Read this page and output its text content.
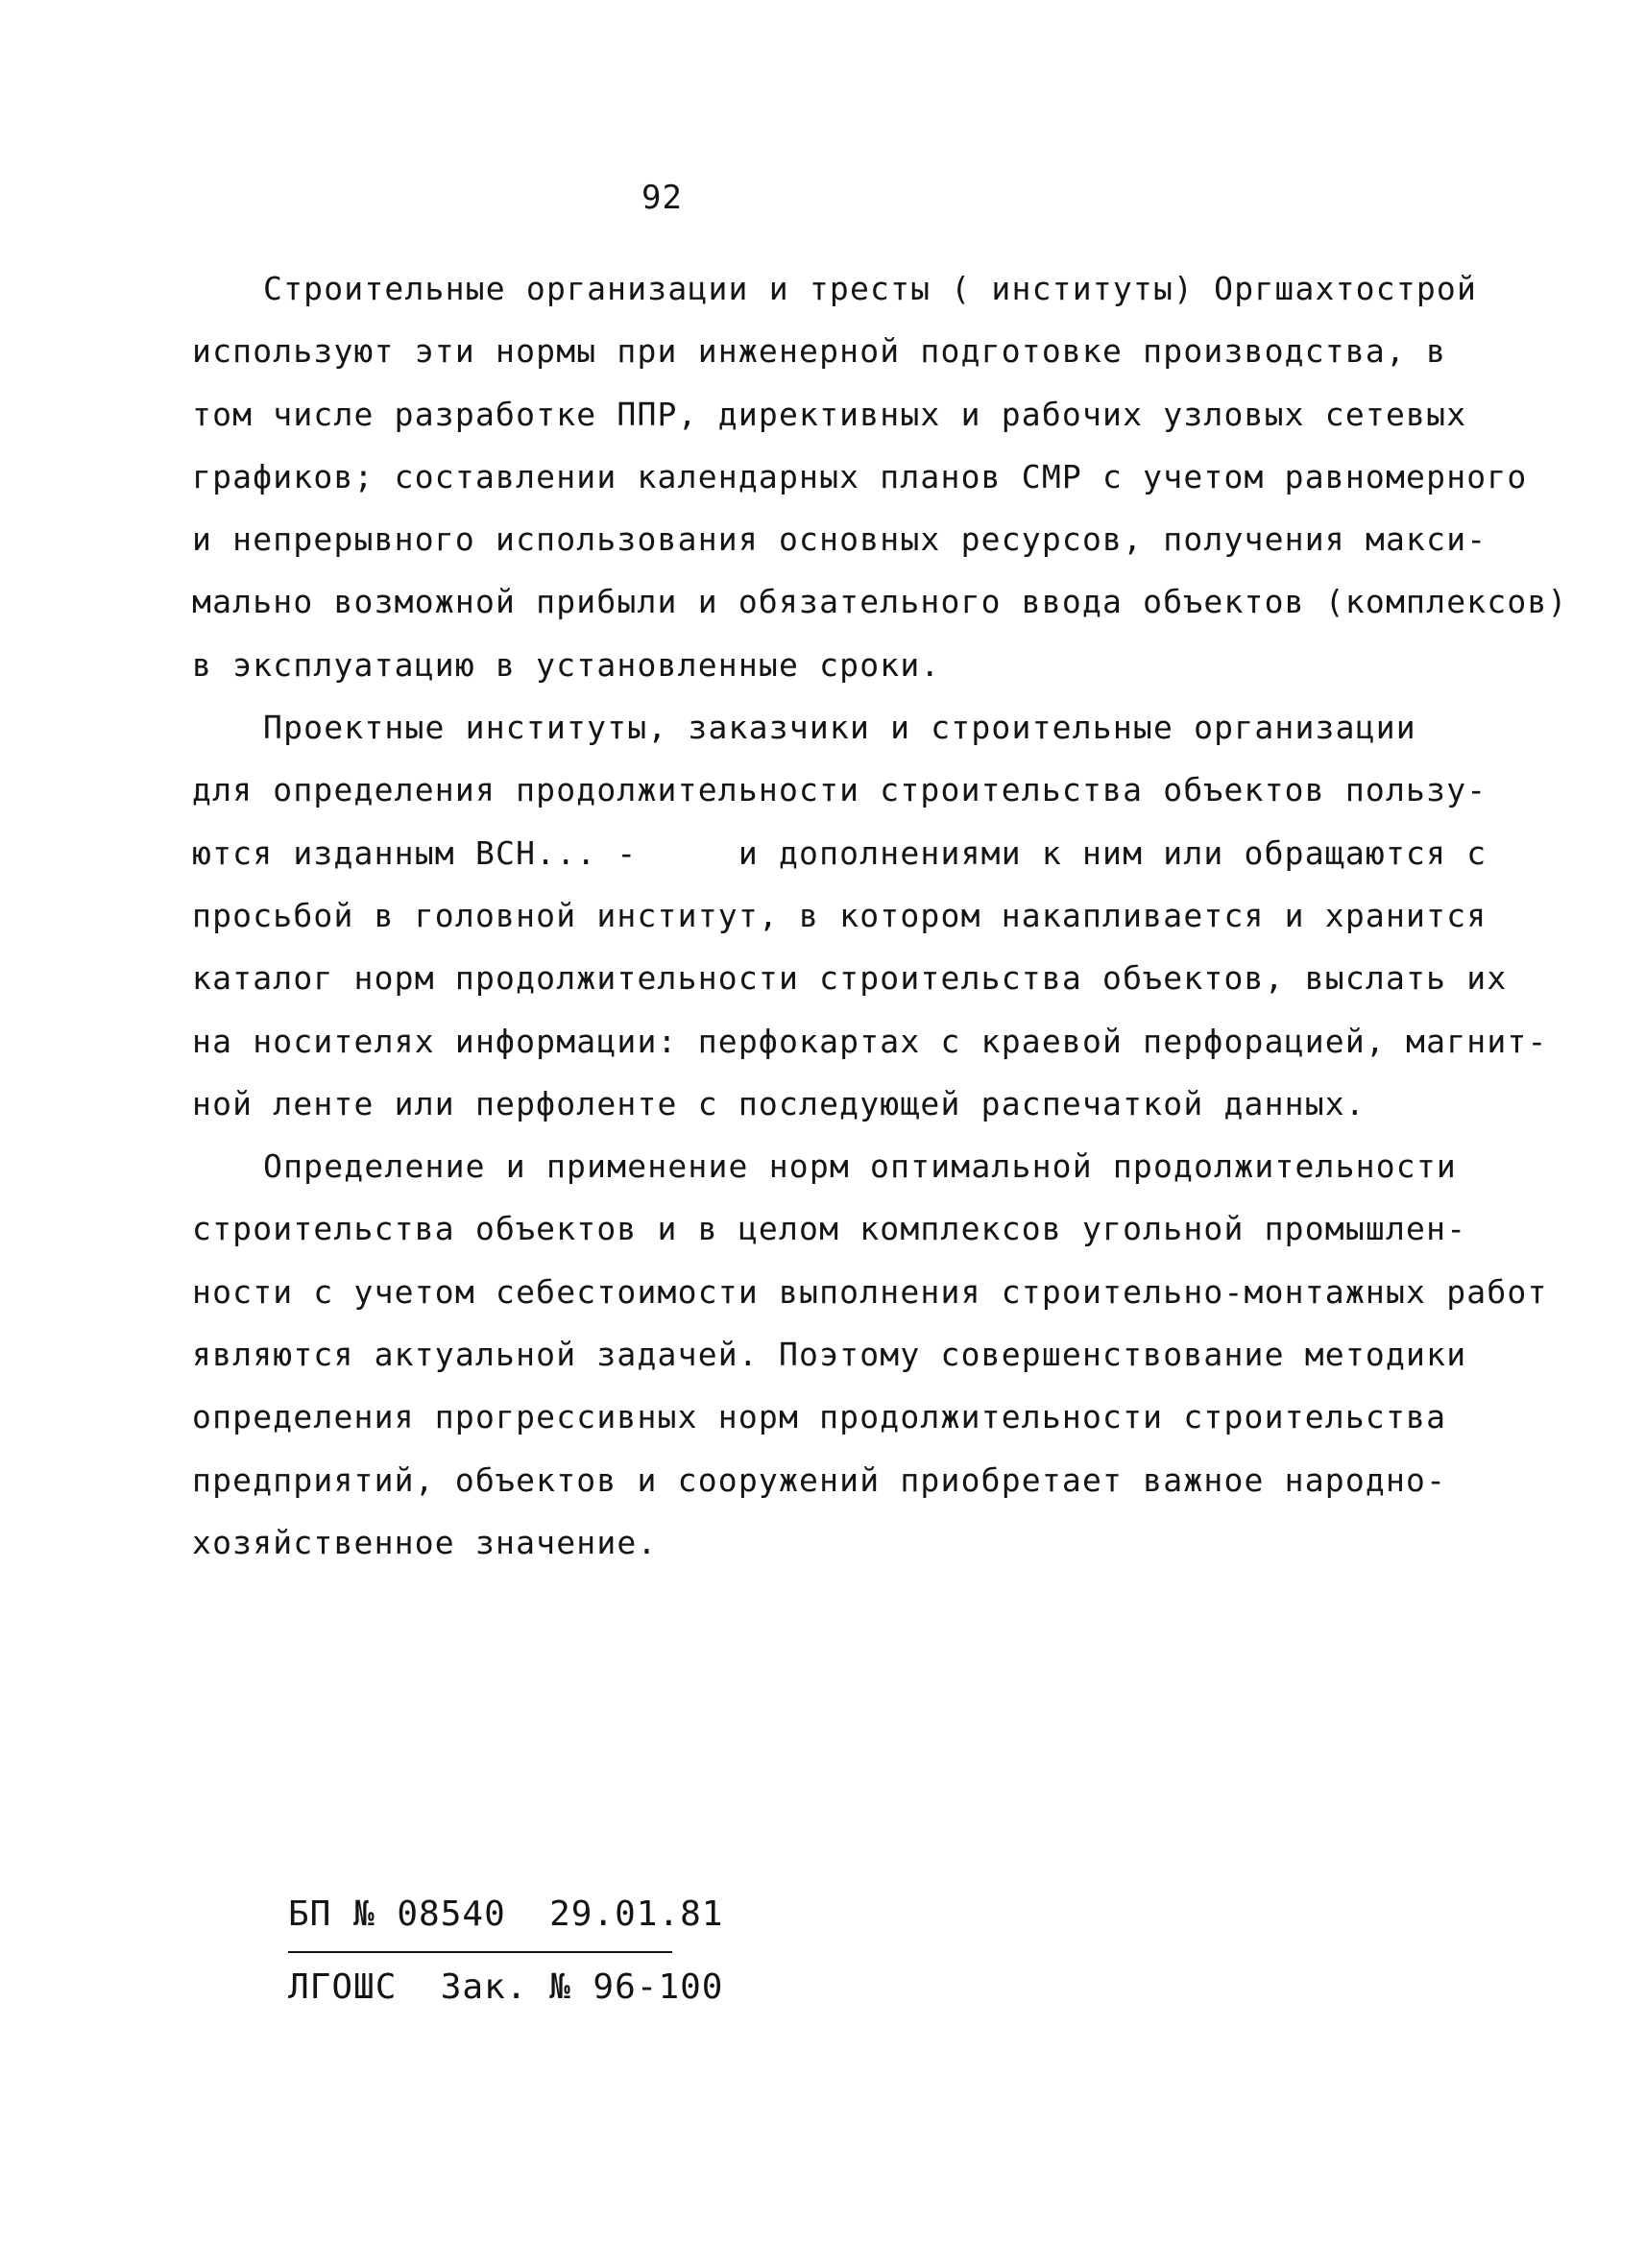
92
Строительные организации и тресты ( институты) Оргшахтострой
используют эти нормы при инженерной подготовке производства, в
том числе разработке ППР, директивных и рабочих узловых сетевых
графиков; составлении календарных планов СМР с учетом равномерного
и непрерывного использования основных ресурсов, получения макси-
мально возможной прибыли и обязательного ввода объектов (комплексов)
в эксплуатацию в установленные сроки.
Проектные институты, заказчики и строительные организации
для определения продолжительности строительства объектов пользу-
ются изданным ВСН... -     и дополнениями к ним или обращаются с
просьбой в головной институт, в котором накапливается и хранится
каталог норм продолжительности строительства объектов, выслать их
на носителях информации: перфокартах с краевой перфорацией, магнит-
ной ленте или перфоленте с последующей распечаткой данных.
Определение и применение норм оптимальной продолжительности
строительства объектов и в целом комплексов угольной промышлен-
ности с учетом себестоимости выполнения строительно-монтажных работ
являются актуальной задачей. Поэтому совершенствование методики
определения прогрессивных норм продолжительности строительства
предприятий, объектов и сооружений приобретает важное народно-
хозяйственное значение.
БП № 08540  29.01.81
ЛГОШС  Зак. № 96-100
